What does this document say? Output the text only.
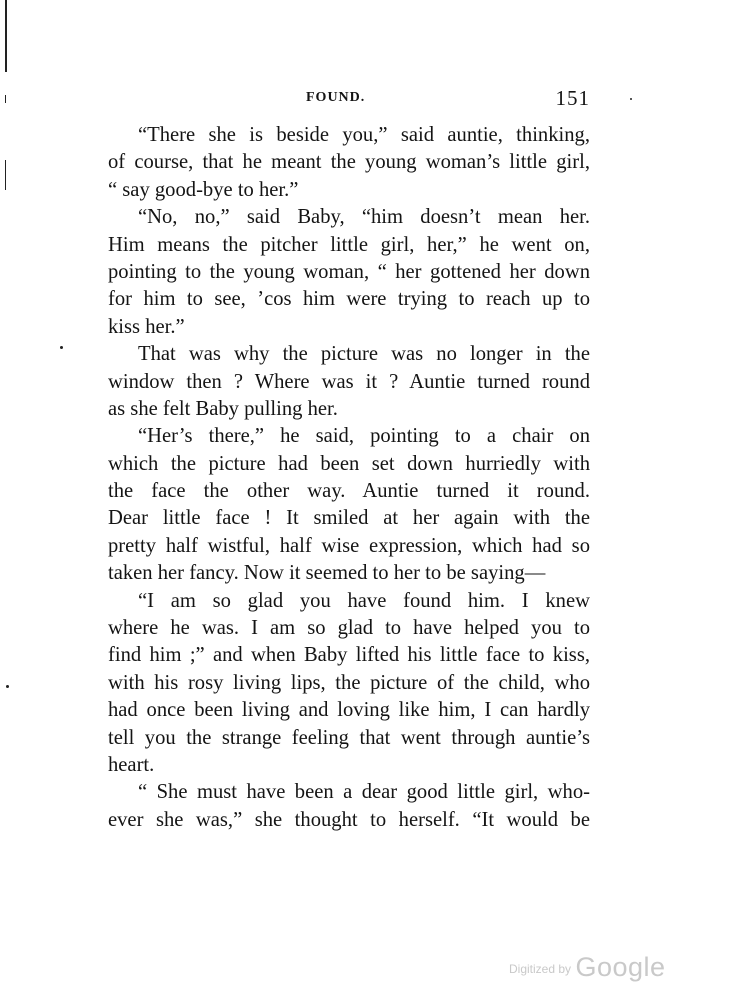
FOUND.	151
“There she is beside you,” said auntie, thinking,
of course, that he meant the young woman’s little girl,
“ say good-bye to her.”
“No, no,” said Baby, “him doesn’t mean her.
Him means the pitcher little girl, her,” he went on,
pointing to the young woman, “ her gottened her down
for him to see, ’cos him were trying to reach up to
kiss her.”
That was why the picture was no longer in the
window then ? Where was it ? Auntie turned round
as she felt Baby pulling her.
“Her’s there,” he said, pointing to a chair on
which the picture had been set down hurriedly with
the face the other way. Auntie turned it round.
Dear little face ! It smiled at her again with the
pretty half wistful, half wise expression, which had so
taken her fancy. Now it seemed to her to be saying—
“I am so glad you have found him. I knew
where he was. I am so glad to have helped you to
find him ;” and when Baby lifted his little face to kiss,
with his rosy living lips, the picture of the child, who
had once been living and loving like him, I can hardly
tell you the strange feeling that went through auntie’s
heart.
“ She must have been a dear good little girl, who-
ever she was,” she thought to herself. “It would be
Digitized by Google
